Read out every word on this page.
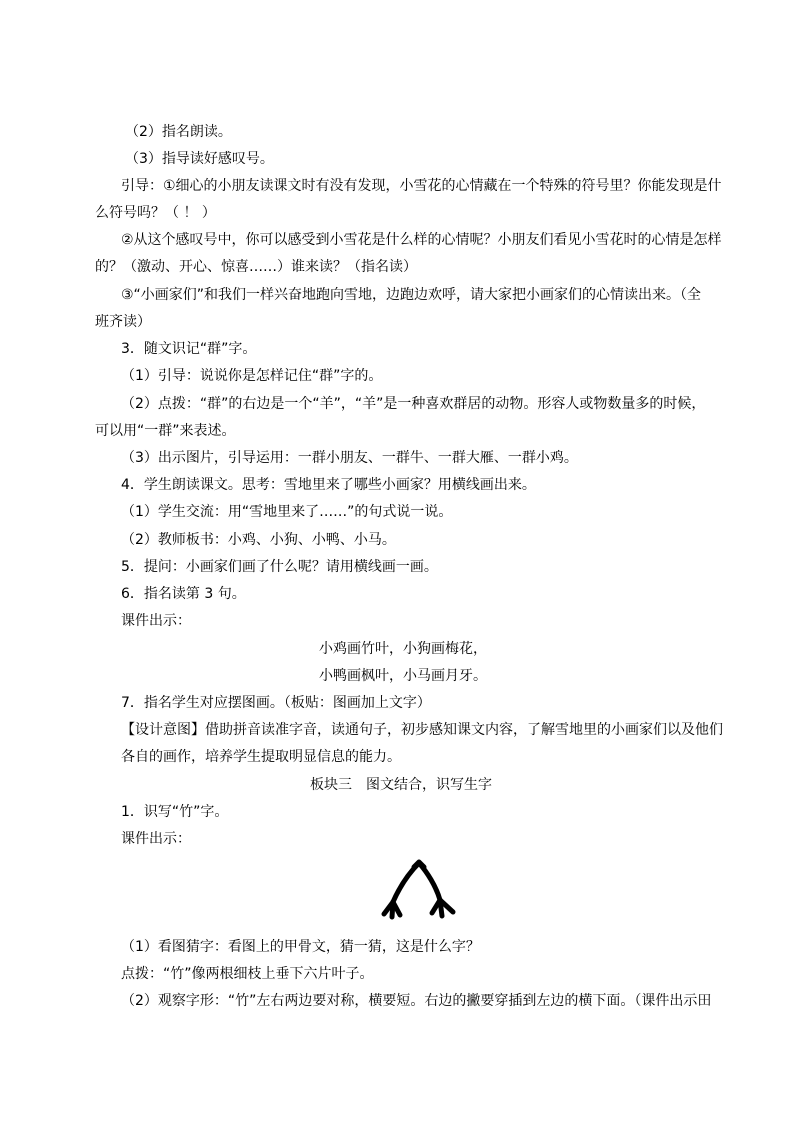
（2）指名朗读。
（3）指导读好感叹号。
引导：①细心的小朋友读课文时有没有发现，小雪花的心情藏在一个特殊的符号里？你能发现是什
么符号吗？（ ！ ）
②从这个感叹号中，你可以感受到小雪花是什么样的心情呢？小朋友们看见小雪花时的心情是怎样
的？（激动、开心、惊喜……）谁来读？（指名读）
③“小画家们”和我们一样兴奋地跑向雪地，边跑边欢呼，请大家把小画家们的心情读出来。（全
班齐读）
3．随文识记“群”字。
（1）引导：说说你是怎样记住“群”字的。
（2）点拨：“群”的右边是一个“羊”，“羊”是一种喜欢群居的动物。形容人或物数量多的时候，
可以用“一群”来表述。
（3）出示图片，引导运用：一群小朋友、一群牛、一群大雁、一群小鸡。
4．学生朗读课文。思考：雪地里来了哪些小画家？用横线画出来。
（1）学生交流：用“雪地里来了……”的句式说一说。
（2）教师板书：小鸡、小狗、小鸭、小马。
5．提问：小画家们画了什么呢？请用横线画一画。
6．指名读第 3 句。
课件出示：
小鸡画竹叶，小狗画梅花，
小鸭画枫叶，小马画月牙。
7．指名学生对应摆图画。（板贴：图画加上文字）
【设计意图】借助拼音读准字音，读通句子，初步感知课文内容，了解雪地里的小画家们以及他们
各自的画作，培养学生提取明显信息的能力。
板块三　图文结合，识写生字
1．识写“竹”字。
课件出示：
（1）看图猜字：看图上的甲骨文，猜一猜，这是什么字？
点拨：“竹”像两根细枝上垂下六片叶子。
（2）观察字形：“竹”左右两边要对称，横要短。右边的撇要穿插到左边的横下面。（课件出示田
